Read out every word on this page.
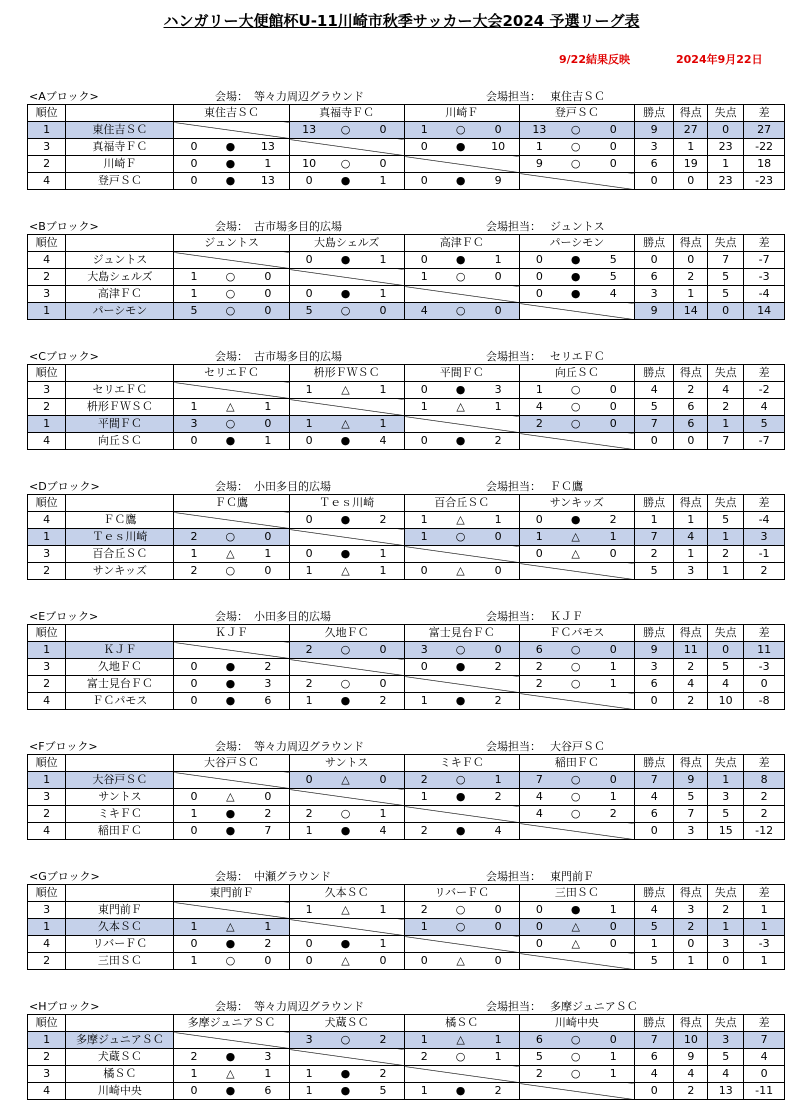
ハンガリー大便館杯U-11川崎市秋季サッカー大会2024 予選リーグ表
9/22結果反映	2024年9月22日
<Aブロック>	会場： 等々力周辺グラウンド	会場担当： 東住吉ＳＣ
順位		東住吉ＳＣ			真福寺ＦＣ			川崎Ｆ			登戸ＳＣ			勝点	得点	失点	差
1	東住吉ＳＣ				13	○	0	1	○	0	13	○	0	9	27	0	27
3	真福寺ＦＣ	0	●	13				0	●	10	1	○	0	3	1	23	-22
2	川崎Ｆ	0	●	1	10	○	0				9	○	0	6	19	1	18
4	登戸ＳＣ	0	●	13	0	●	1	0	●	9				0	0	23	-23
<Bブロック>	会場： 古市場多目的広場	会場担当： ジュントス
順位		ジュントス			大島シェルズ			高津ＦＣ			パーシモン			勝点	得点	失点	差
4	ジュントス				0	●	1	0	●	1	0	●	5	0	0	7	-7
2	大島シェルズ	1	○	0				1	○	0	0	●	5	6	2	5	-3
3	高津ＦＣ	1	○	0	0	●	1				0	●	4	3	1	5	-4
1	パーシモン	5	○	0	5	○	0	4	○	0				9	14	0	14
<Cブロック>	会場： 古市場多目的広場	会場担当： セリエＦＣ
順位		セリエＦＣ			枡形ＦＷＳＣ			平間ＦＣ			向丘ＳＣ			勝点	得点	失点	差
3	セリエＦＣ				1	△	1	0	●	3	1	○	0	4	2	4	-2
2	枡形ＦＷＳＣ	1	△	1				1	△	1	4	○	0	5	6	2	4
1	平間ＦＣ	3	○	0	1	△	1				2	○	0	7	6	1	5
4	向丘ＳＣ	0	●	1	0	●	4	0	●	2				0	0	7	-7
<Dブロック>	会場： 小田多目的広場	会場担当： ＦＣ鷹
順位		ＦＣ鷹			Ｔｅｓ川崎			百合丘ＳＣ			サンキッズ			勝点	得点	失点	差
4	ＦＣ鷹				0	●	2	1	△	1	0	●	2	1	1	5	-4
1	Ｔｅｓ川崎	2	○	0				1	○	0	1	△	1	7	4	1	3
3	百合丘ＳＣ	1	△	1	0	●	1				0	△	0	2	1	2	-1
2	サンキッズ	2	○	0	1	△	1	0	△	0				5	3	1	2
<Eブロック>	会場： 小田多目的広場	会場担当： ＫＪＦ
順位		ＫＪＦ			久地ＦＣ			富士見台ＦＣ			ＦＣパモス			勝点	得点	失点	差
1	ＫＪＦ				2	○	0	3	○	0	6	○	0	9	11	0	11
3	久地ＦＣ	0	●	2				0	●	2	2	○	1	3	2	5	-3
2	富士見台ＦＣ	0	●	3	2	○	0				2	○	1	6	4	4	0
4	ＦＣパモス	0	●	6	1	●	2	1	●	2				0	2	10	-8
<Fブロック>	会場： 等々力周辺グラウンド	会場担当： 大谷戸ＳＣ
順位		大谷戸ＳＣ			サントス			ミキＦＣ			稲田ＦＣ			勝点	得点	失点	差
1	大谷戸ＳＣ				0	△	0	2	○	1	7	○	0	7	9	1	8
3	サントス	0	△	0				1	●	2	4	○	1	4	5	3	2
2	ミキＦＣ	1	●	2	2	○	1				4	○	2	6	7	5	2
4	稲田ＦＣ	0	●	7	1	●	4	2	●	4				0	3	15	-12
<Gブロック>	会場： 中瀬グラウンド	会場担当： 東門前Ｆ
順位		東門前Ｆ			久本ＳＣ			リバーＦＣ			三田ＳＣ			勝点	得点	失点	差
3	東門前Ｆ				1	△	1	2	○	0	0	●	1	4	3	2	1
1	久本ＳＣ	1	△	1				1	○	0	0	△	0	5	2	1	1
4	リバーＦＣ	0	●	2	0	●	1				0	△	0	1	0	3	-3
2	三田ＳＣ	1	○	0	0	△	0	0	△	0				5	1	0	1
<Hブロック>	会場： 等々力周辺グラウンド	会場担当： 多摩ジュニアＳＣ
順位		多摩ジュニアＳＣ			犬蔵ＳＣ			橘ＳＣ			川崎中央			勝点	得点	失点	差
1	多摩ジュニアＳＣ				3	○	2	1	△	1	6	○	0	7	10	3	7
2	犬蔵ＳＣ	2	●	3				2	○	1	5	○	1	6	9	5	4
3	橘ＳＣ	1	△	1	1	●	2				2	○	1	4	4	4	0
4	川崎中央	0	●	6	1	●	5	1	●	2				0	2	13	-11
